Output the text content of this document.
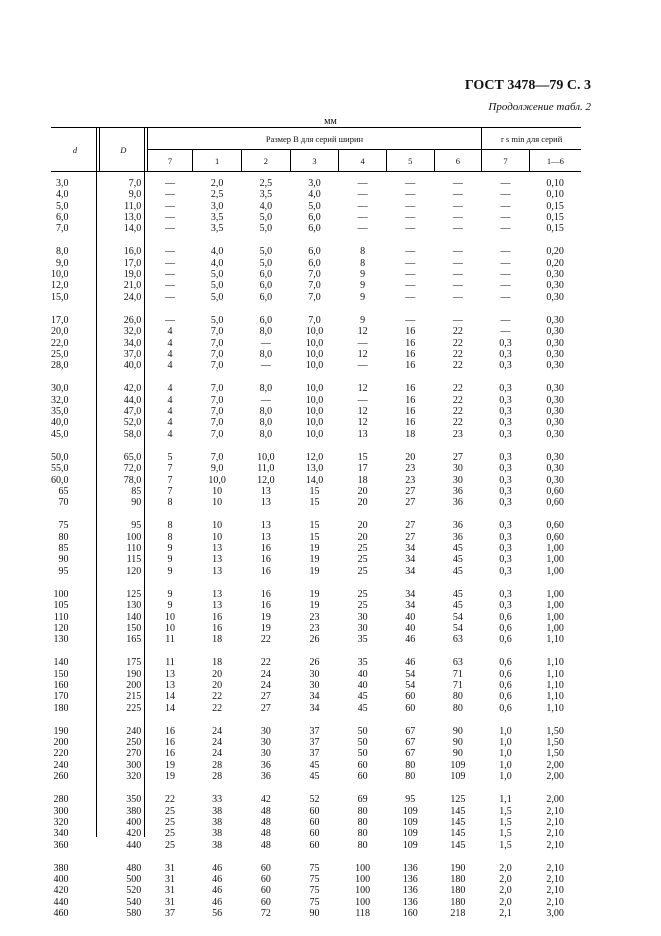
ГОСТ 3478—79 С. 3
Продолжение табл. 2
мм
d	D	Размер B для серий ширин							r s min для серий	
		7	1	2	3	4	5	6	7	1—6
3,0	7,0	—	2,0	2,5	3,0	—	—	—	—	0,10
4,0	9,0	—	2,5	3,5	4,0	—	—	—	—	0,10
5,0	11,0	—	3,0	4,0	5,0	—	—	—	—	0,15
6,0	13,0	—	3,5	5,0	6,0	—	—	—	—	0,15
7,0	14,0	—	3,5	5,0	6,0	—	—	—	—	0,15
8,0	16,0	—	4,0	5,0	6,0	8	—	—	—	0,20
9,0	17,0	—	4,0	5,0	6,0	8	—	—	—	0,20
10,0	19,0	—	5,0	6,0	7,0	9	—	—	—	0,30
12,0	21,0	—	5,0	6,0	7,0	9	—	—	—	0,30
15,0	24,0	—	5,0	6,0	7,0	9	—	—	—	0,30
17,0	26,0	—	5,0	6,0	7,0	9	—	—	—	0,30
20,0	32,0	4	7,0	8,0	10,0	12	16	22	—	0,30
22,0	34,0	4	7,0	—	10,0	—	16	22	0,3	0,30
25,0	37,0	4	7,0	8,0	10,0	12	16	22	0,3	0,30
28,0	40,0	4	7,0	—	10,0	—	16	22	0,3	0,30
30,0	42,0	4	7,0	8,0	10,0	12	16	22	0,3	0,30
32,0	44,0	4	7,0	—	10,0	—	16	22	0,3	0,30
35,0	47,0	4	7,0	8,0	10,0	12	16	22	0,3	0,30
40,0	52,0	4	7,0	8,0	10,0	12	16	22	0,3	0,30
45,0	58,0	4	7,0	8,0	10,0	13	18	23	0,3	0,30
50,0	65,0	5	7,0	10,0	12,0	15	20	27	0,3	0,30
55,0	72,0	7	9,0	11,0	13,0	17	23	30	0,3	0,30
60,0	78,0	7	10,0	12,0	14,0	18	23	30	0,3	0,30
65	85	7	10	13	15	20	27	36	0,3	0,60
70	90	8	10	13	15	20	27	36	0,3	0,60
75	95	8	10	13	15	20	27	36	0,3	0,60
80	100	8	10	13	15	20	27	36	0,3	0,60
85	110	9	13	16	19	25	34	45	0,3	1,00
90	115	9	13	16	19	25	34	45	0,3	1,00
95	120	9	13	16	19	25	34	45	0,3	1,00
100	125	9	13	16	19	25	34	45	0,3	1,00
105	130	9	13	16	19	25	34	45	0,3	1,00
110	140	10	16	19	23	30	40	54	0,6	1,00
120	150	10	16	19	23	30	40	54	0,6	1,00
130	165	11	18	22	26	35	46	63	0,6	1,10
140	175	11	18	22	26	35	46	63	0,6	1,10
150	190	13	20	24	30	40	54	71	0,6	1,10
160	200	13	20	24	30	40	54	71	0,6	1,10
170	215	14	22	27	34	45	60	80	0,6	1,10
180	225	14	22	27	34	45	60	80	0,6	1,10
190	240	16	24	30	37	50	67	90	1,0	1,50
200	250	16	24	30	37	50	67	90	1,0	1,50
220	270	16	24	30	37	50	67	90	1,0	1,50
240	300	19	28	36	45	60	80	109	1,0	2,00
260	320	19	28	36	45	60	80	109	1,0	2,00
280	350	22	33	42	52	69	95	125	1,1	2,00
300	380	25	38	48	60	80	109	145	1,5	2,10
320	400	25	38	48	60	80	109	145	1,5	2,10
340	420	25	38	48	60	80	109	145	1,5	2,10
360	440	25	38	48	60	80	109	145	1,5	2,10
380	480	31	46	60	75	100	136	190	2,0	2,10
400	500	31	46	60	75	100	136	180	2,0	2,10
420	520	31	46	60	75	100	136	180	2,0	2,10
440	540	31	46	60	75	100	136	180	2,0	2,10
460	580	37	56	72	90	118	160	218	2,1	3,00
